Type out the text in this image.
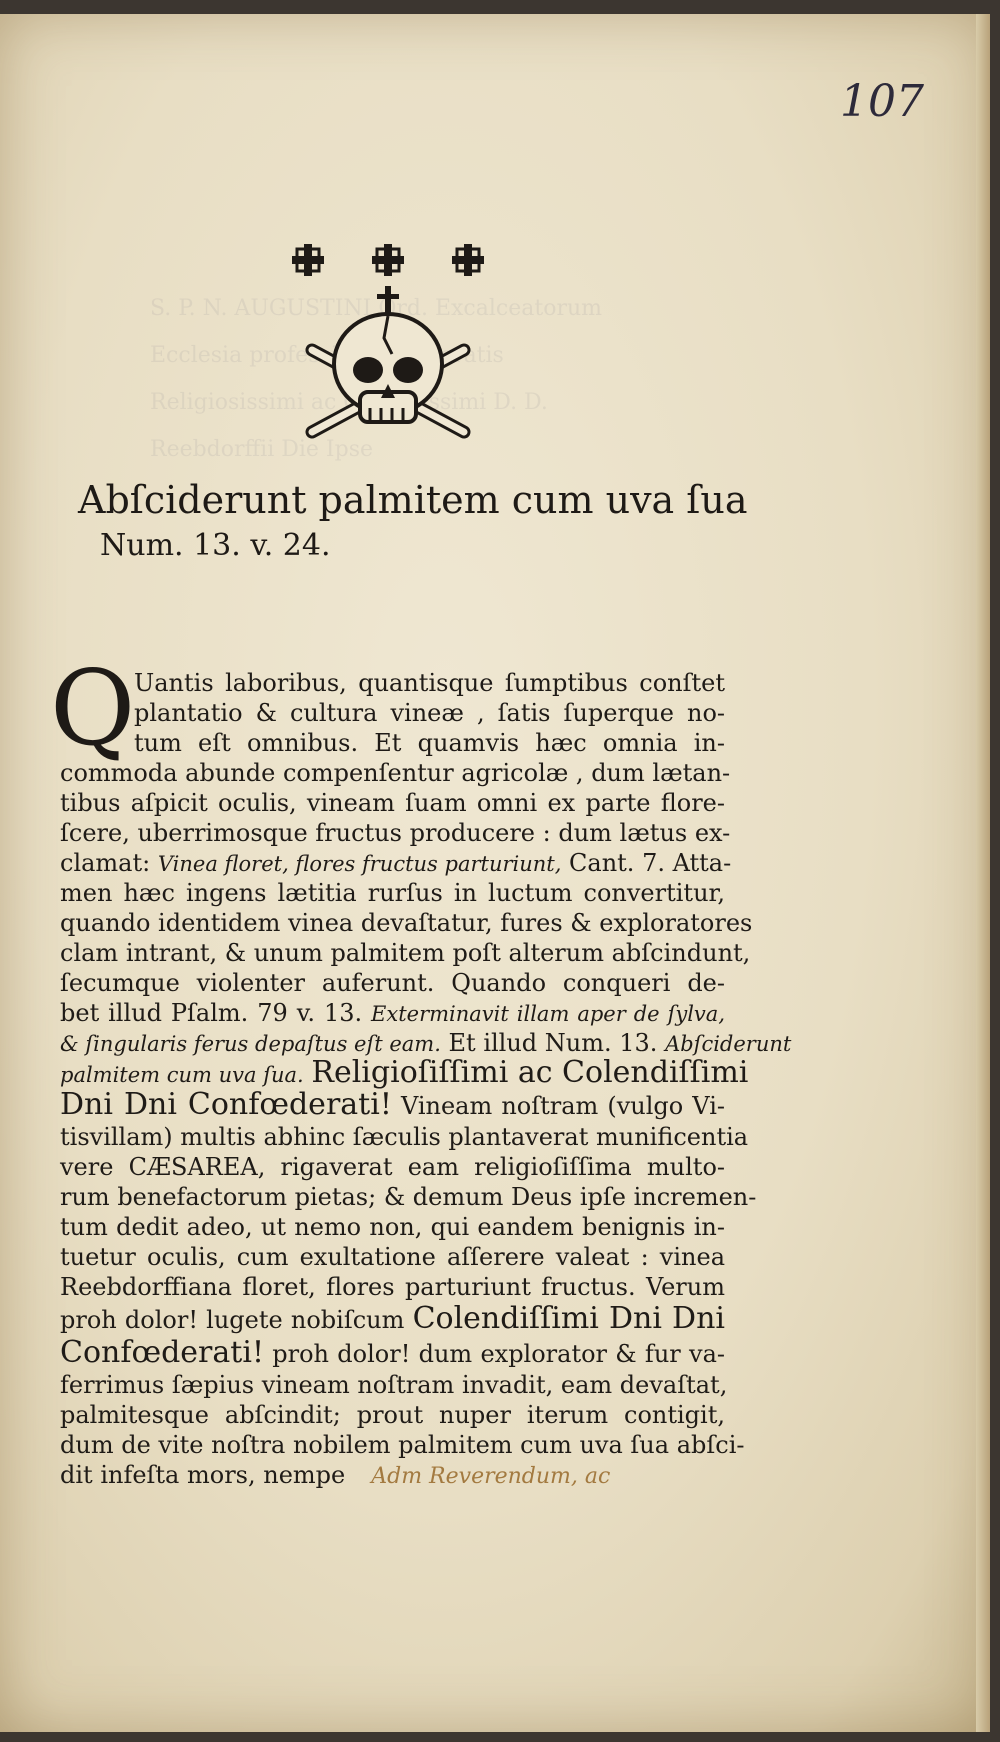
S. P. N. AUGUSTINI Ord. Excalceatorum
Ecclesia professi,
Religiosissimi ac Colendissimi D. D.
Reebdorffii Die Ipse
107
Abſciderunt palmitem cum uva ſua
Num. 13. v. 24.
Q
Uantis laboribus, quantisque ſumptibus conſtet
plantatio & cultura vineæ , ſatis ſuperque no-
tum eſt omnibus. Et quamvis hæc omnia in-
commoda abunde compenſentur agricolæ , dum lætan-
tibus aſpicit oculis, vineam ſuam omni ex parte flore-
ſcere, uberrimosque fructus producere : dum lætus ex-
clamat: Vinea floret, flores fructus parturiunt, Cant. 7. Atta-
men hæc ingens lætitia rurſus in luctum convertitur,
quando identidem vinea devaſtatur, fures & exploratores
clam intrant, & unum palmitem poſt alterum abſcindunt,
ſecumque violenter auferunt. Quando conqueri de-
bet illud Pſalm. 79 v. 13. Exterminavit illam aper de ſylva,
& ſingularis ferus depaſtus eſt eam. Et illud Num. 13. Abſciderunt
palmitem cum uva ſua. Religioſiſſimi ac Colendiſſimi
Dni Dni Confœderati! Vineam noſtram (vulgo Vi-
tisvillam) multis abhinc ſæculis plantaverat munificentia
vere CÆSAREA, rigaverat eam religioſiſſima multo-
rum benefactorum pietas; & demum Deus ipſe incremen-
tum dedit adeo, ut nemo non, qui eandem benignis in-
tuetur oculis, cum exultatione aſſerere valeat : vinea
Reebdorffiana floret, flores parturiunt fructus. Verum
proh dolor! lugete nobiſcum Colendiſſimi Dni Dni
Confœderati! proh dolor! dum explorator & fur va-
ferrimus ſæpius vineam noſtram invadit, eam devaſtat,
palmitesque abſcindit; prout nuper iterum contigit,
dum de vite noſtra nobilem palmitem cum uva ſua abſci-
dit infeſta mors, nempe Adm Reverendum, ac
